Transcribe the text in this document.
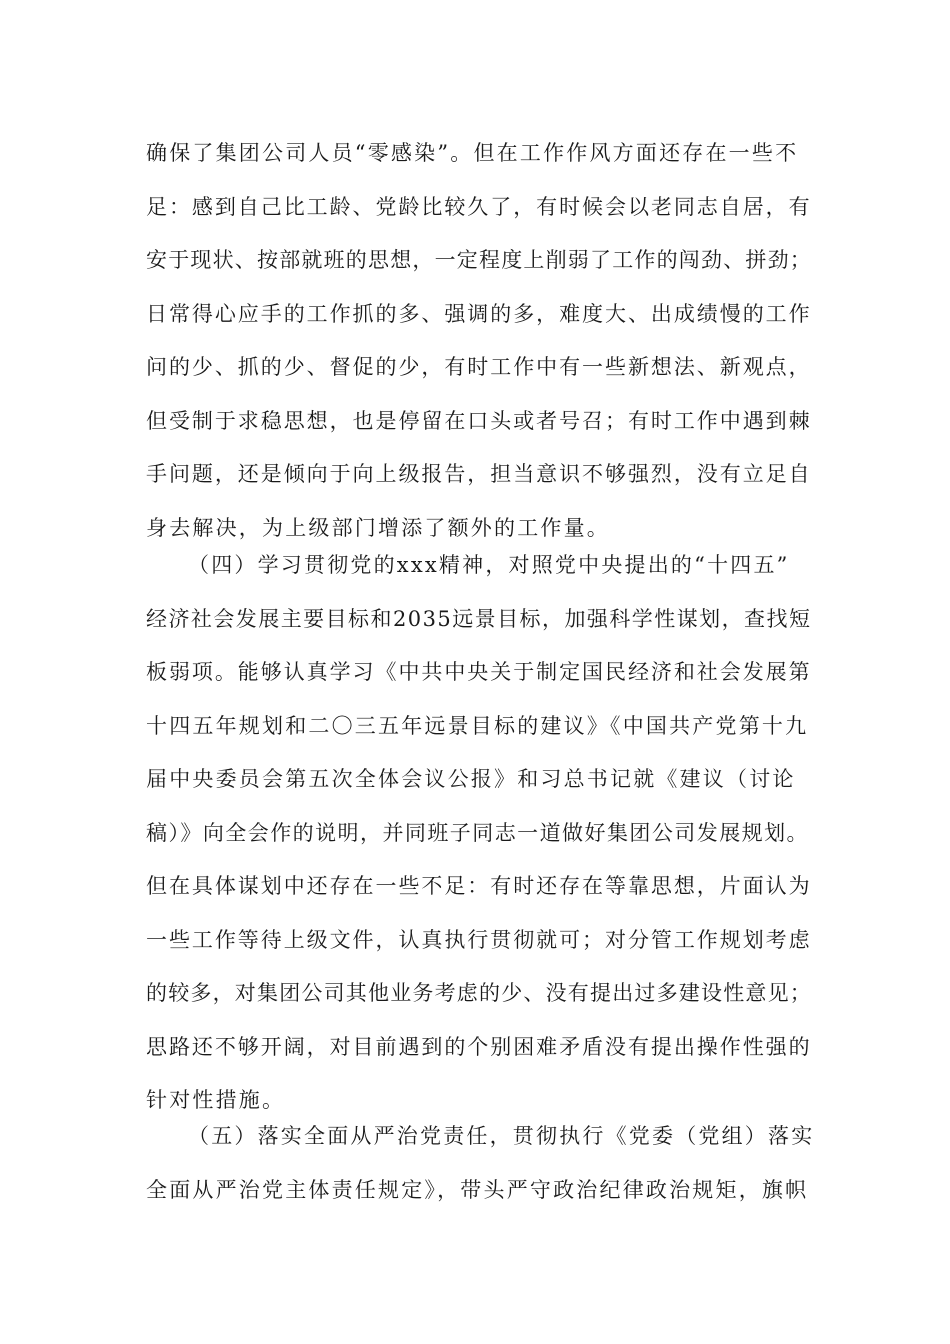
确保了集团公司人员“零感染”。但在工作作风方面还存在一些不
足：感到自己比工龄、党龄比较久了，有时候会以老同志自居，有
安于现状、按部就班的思想，一定程度上削弱了工作的闯劲、拼劲；
日常得心应手的工作抓的多、强调的多，难度大、出成绩慢的工作
问的少、抓的少、督促的少，有时工作中有一些新想法、新观点，
但受制于求稳思想，也是停留在口头或者号召；有时工作中遇到棘
手问题，还是倾向于向上级报告，担当意识不够强烈，没有立足自
身去解决，为上级部门增添了额外的工作量。
（四）学习贯彻党的xxx精神，对照党中央提出的“十四五”
经济社会发展主要目标和2035远景目标，加强科学性谋划，查找短
板弱项。能够认真学习《中共中央关于制定国民经济和社会发展第
十四五年规划和二〇三五年远景目标的建议》《中国共产党第十九
届中央委员会第五次全体会议公报》和习总书记就《建议（讨论
稿）》向全会作的说明，并同班子同志一道做好集团公司发展规划。
但在具体谋划中还存在一些不足：有时还存在等靠思想，片面认为
一些工作等待上级文件，认真执行贯彻就可；对分管工作规划考虑
的较多，对集团公司其他业务考虑的少、没有提出过多建设性意见；
思路还不够开阔，对目前遇到的个别困难矛盾没有提出操作性强的
针对性措施。
（五）落实全面从严治党责任，贯彻执行《党委（党组）落实
全面从严治党主体责任规定》，带头严守政治纪律政治规矩，旗帜
